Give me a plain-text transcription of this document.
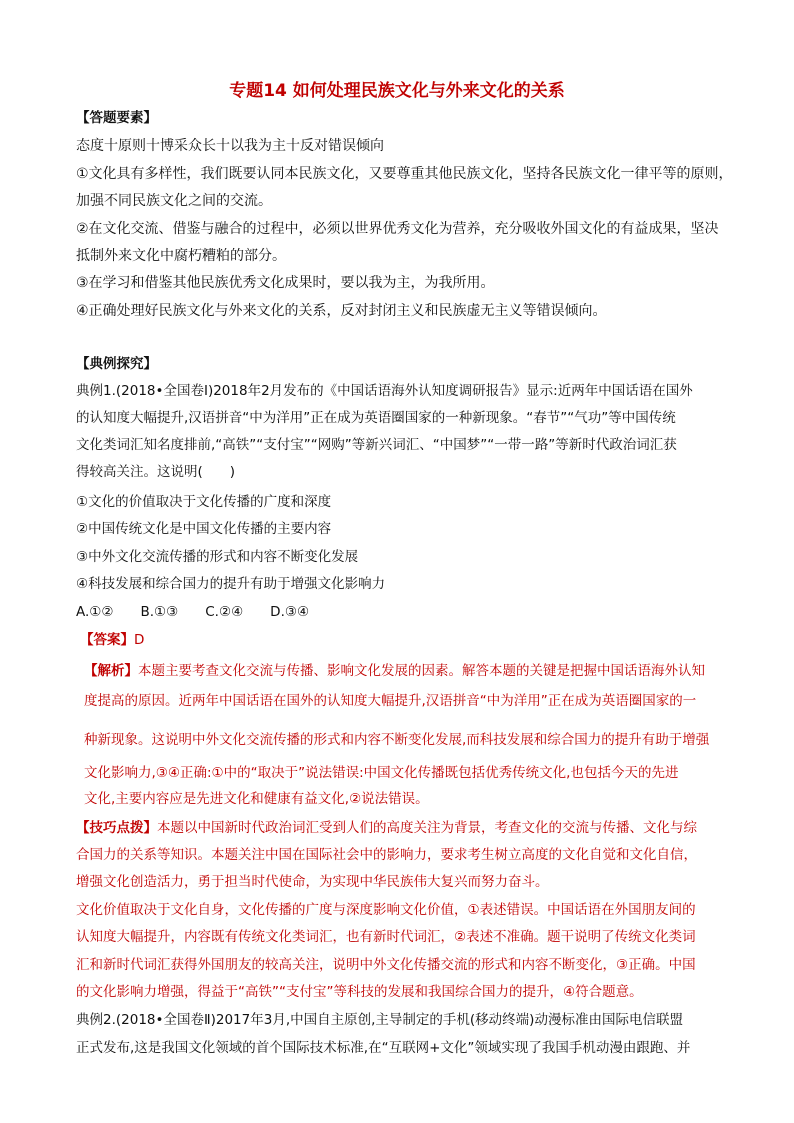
专题14 如何处理民族文化与外来文化的关系
【答题要素】
态度十原则十博采众长十以我为主十反对错误倾向
①文化具有多样性，我们既要认同本民族文化，又要尊重其他民族文化，坚持各民族文化一律平等的原则，
加强不同民族文化之间的交流。
②在文化交流、借鉴与融合的过程中，必须以世界优秀文化为营养，充分吸收外国文化的有益成果，坚决
抵制外来文化中腐朽糟粕的部分。
③在学习和借鉴其他民族优秀文化成果时，要以我为主，为我所用。
④正确处理好民族文化与外来文化的关系，反对封闭主义和民族虚无主义等错误倾向。
【典例探究】
典例1.(2018•全国卷Ⅰ)2018年2月发布的《中国话语海外认知度调研报告》显示:近两年中国话语在国外
的认知度大幅提升,汉语拼音“中为洋用”正在成为英语圈国家的一种新现象。“春节”“气功”等中国传统
文化类词汇知名度排前,“高铁”“支付宝”“网购”等新兴词汇、“中国梦”“一带一路”等新时代政治词汇获
得较高关注。这说明(　　)
①文化的价值取决于文化传播的广度和深度
②中国传统文化是中国文化传播的主要内容
③中外文化交流传播的形式和内容不断变化发展
④科技发展和综合国力的提升有助于增强文化影响力
A.①②　　B.①③　　C.②④　　D.③④
【答案】D
【解析】本题主要考查文化交流与传播、影响文化发展的因素。解答本题的关键是把握中国话语海外认知
度提高的原因。近两年中国话语在国外的认知度大幅提升,汉语拼音“中为洋用”正在成为英语圈国家的一
种新现象。这说明中外文化交流传播的形式和内容不断变化发展,而科技发展和综合国力的提升有助于增强
文化影响力,③④正确:①中的“取决于”说法错误:中国文化传播既包括优秀传统文化,也包括今天的先进
文化,主要内容应是先进文化和健康有益文化,②说法错误。
【技巧点拨】本题以中国新时代政治词汇受到人们的高度关注为背景，考查文化的交流与传播、文化与综
合国力的关系等知识。本题关注中国在国际社会中的影响力，要求考生树立高度的文化自觉和文化自信，
增强文化创造活力，勇于担当时代使命，为实现中华民族伟大复兴而努力奋斗。
文化价值取决于文化自身，文化传播的广度与深度影响文化价值，①表述错误。中国话语在外国朋友间的
认知度大幅提升，内容既有传统文化类词汇，也有新时代词汇，②表述不准确。题干说明了传统文化类词
汇和新时代词汇获得外国朋友的较高关注，说明中外文化传播交流的形式和内容不断变化，③正确。中国
的文化影响力增强，得益于“高铁”“支付宝”等科技的发展和我国综合国力的提升，④符合题意。
典例2.(2018•全国卷Ⅱ)2017年3月,中国自主原创,主导制定的手机(移动终端)动漫标准由国际电信联盟
正式发布,这是我国文化领域的首个国际技术标准,在“互联网+文化”领域实现了我国手机动漫由跟跑、并
